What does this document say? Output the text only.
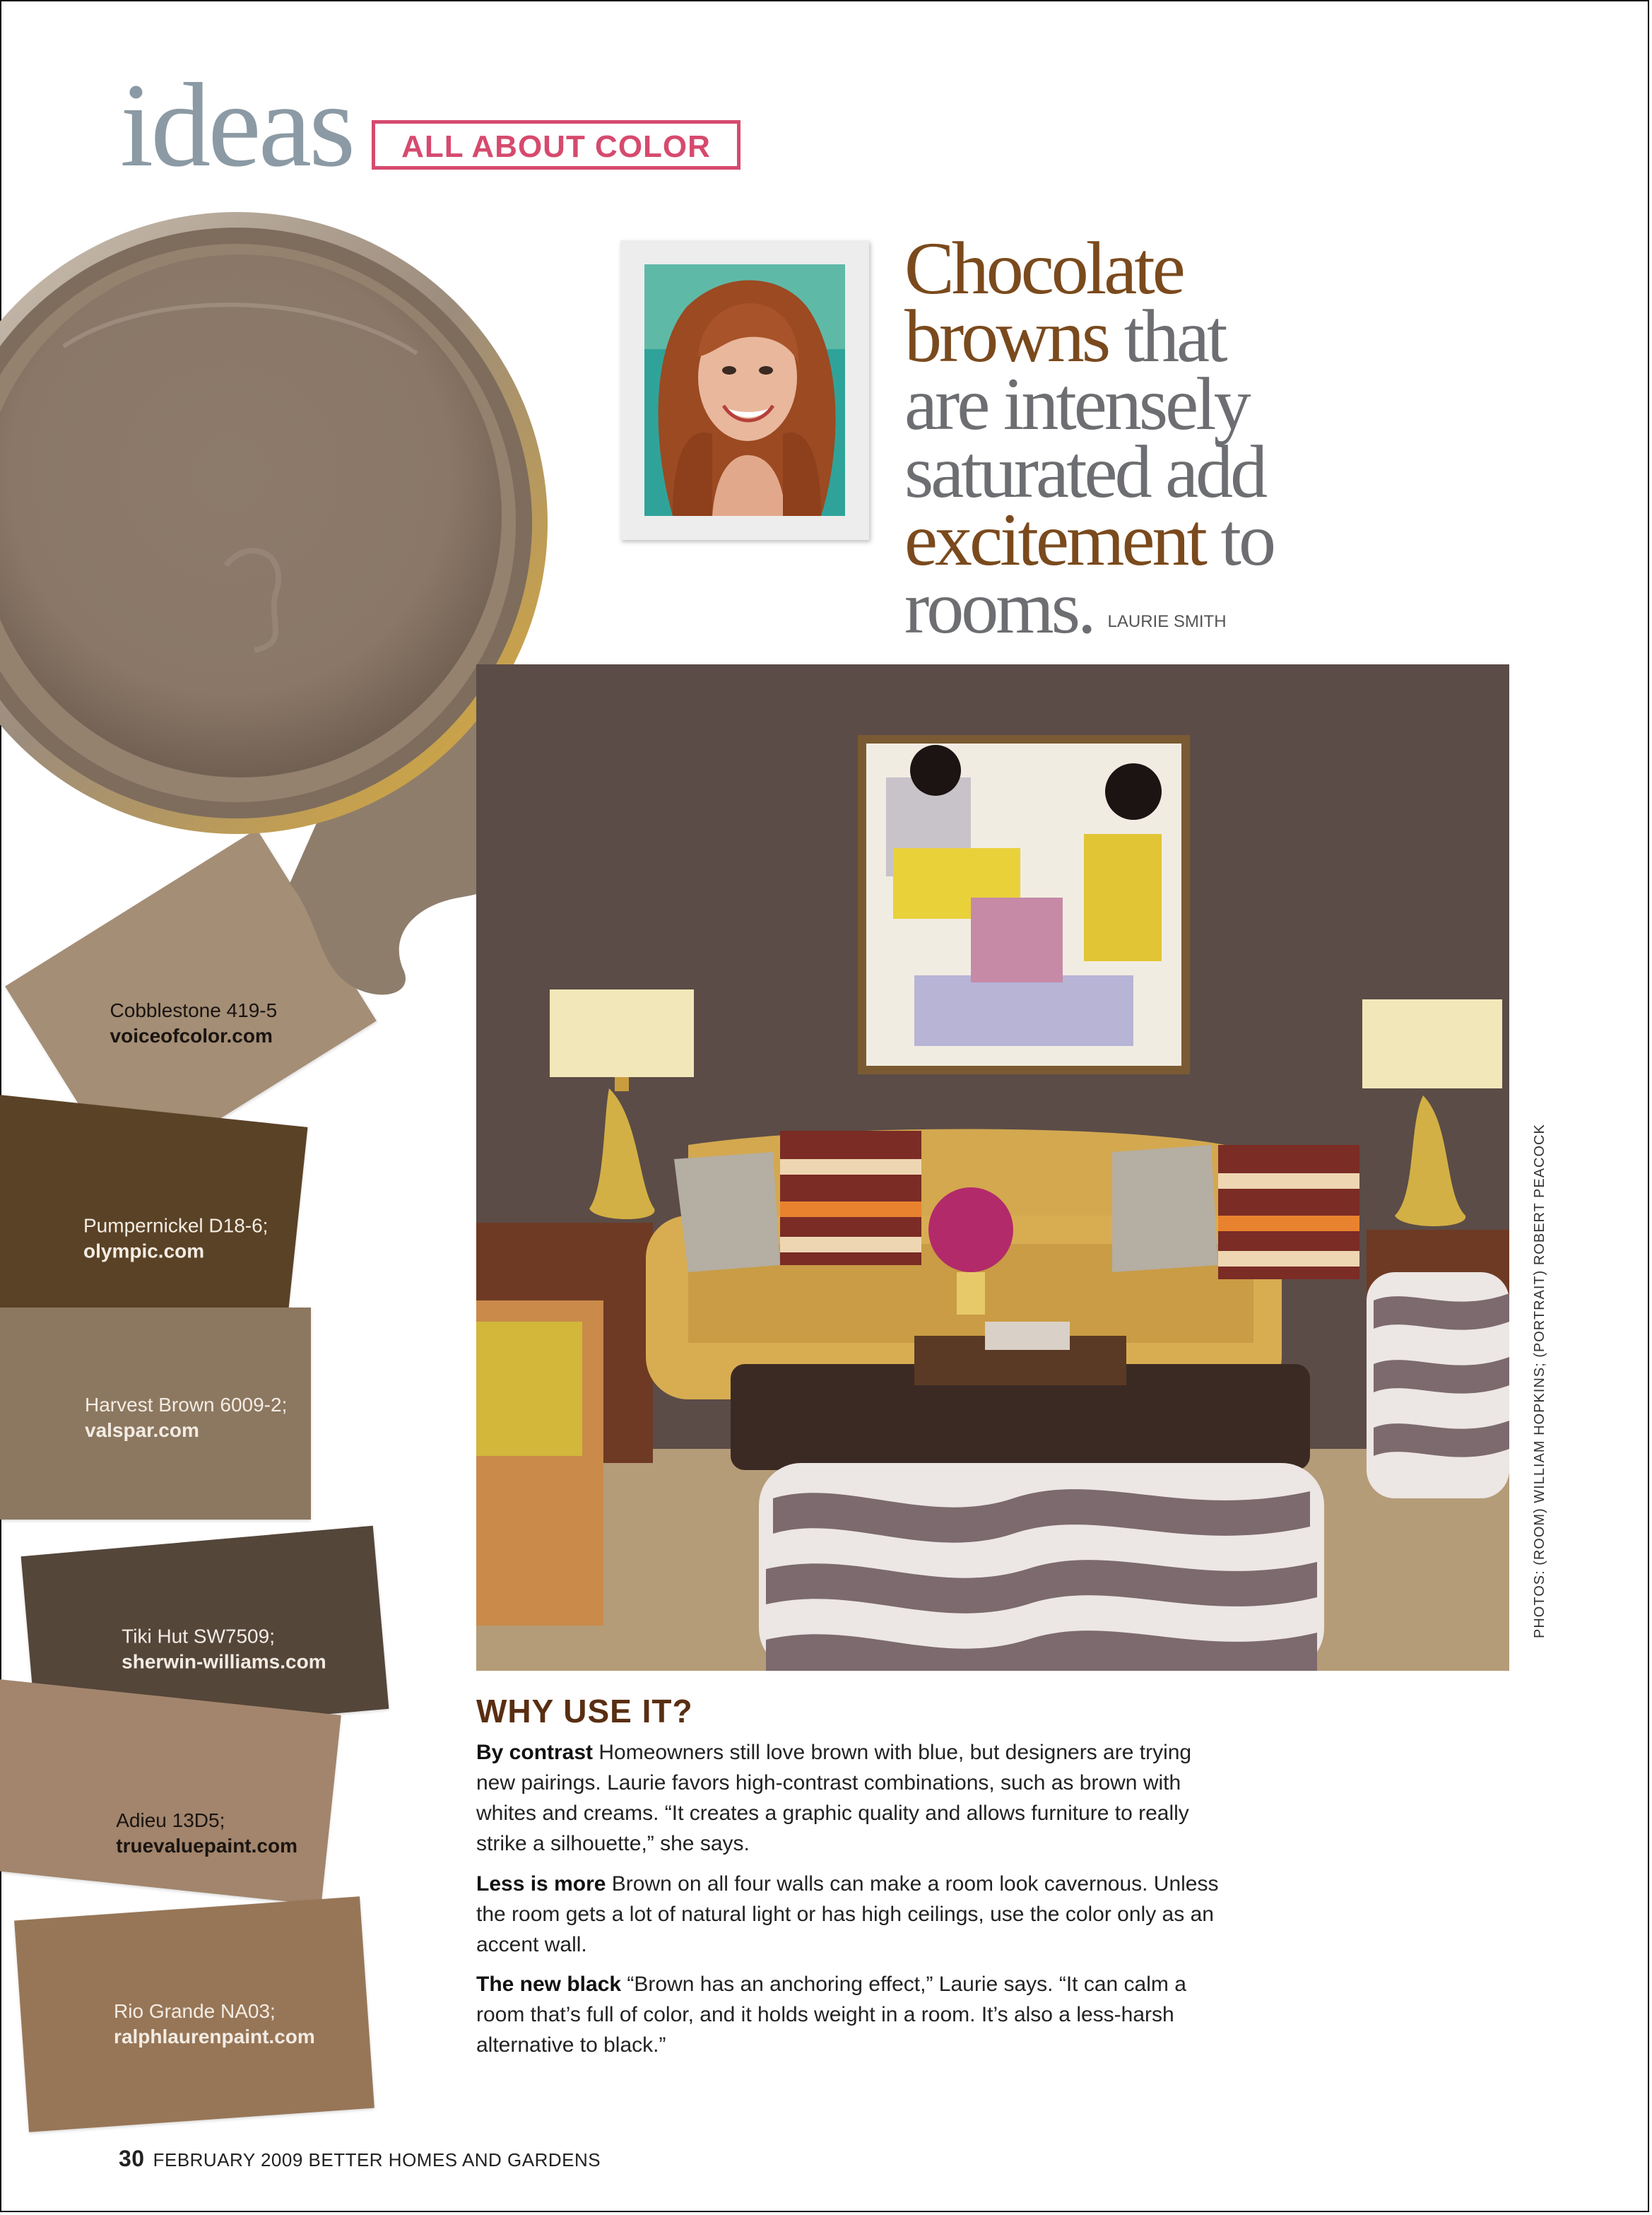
ideas	ALL ABOUT COLOR
Cobblestone 419-5
voiceofcolor.com
Pumpernickel D18-6;
olympic.com
Harvest Brown 6009-2;
valspar.com
Tiki Hut SW7509;
sherwin-williams.com
Adieu 13D5;
truevaluepaint.com
Rio Grande NA03;
ralphlaurenpaint.com
Chocolate
browns that
are intensely
saturated add
excitement to
rooms. LAURIE SMITH
PHOTOS: (ROOM) WILLIAM HOPKINS; (PORTRAIT) ROBERT PEACOCK
WHY USE IT?
By contrast Homeowners still love brown with blue, but designers are trying new pairings. Laurie favors high-contrast combinations, such as brown with whites and creams. “It creates a graphic quality and allows furniture to really strike a silhouette,” she says.
Less is more Brown on all four walls can make a room look cavernous. Unless the room gets a lot of natural light or has high ceilings, use the color only as an accent wall.
The new black “Brown has an anchoring effect,” Laurie says. “It can calm a room that’s full of color, and it holds weight in a room. It’s also a less-harsh alternative to black.”
30 FEBRUARY 2009 BETTER HOMES AND GARDENS
